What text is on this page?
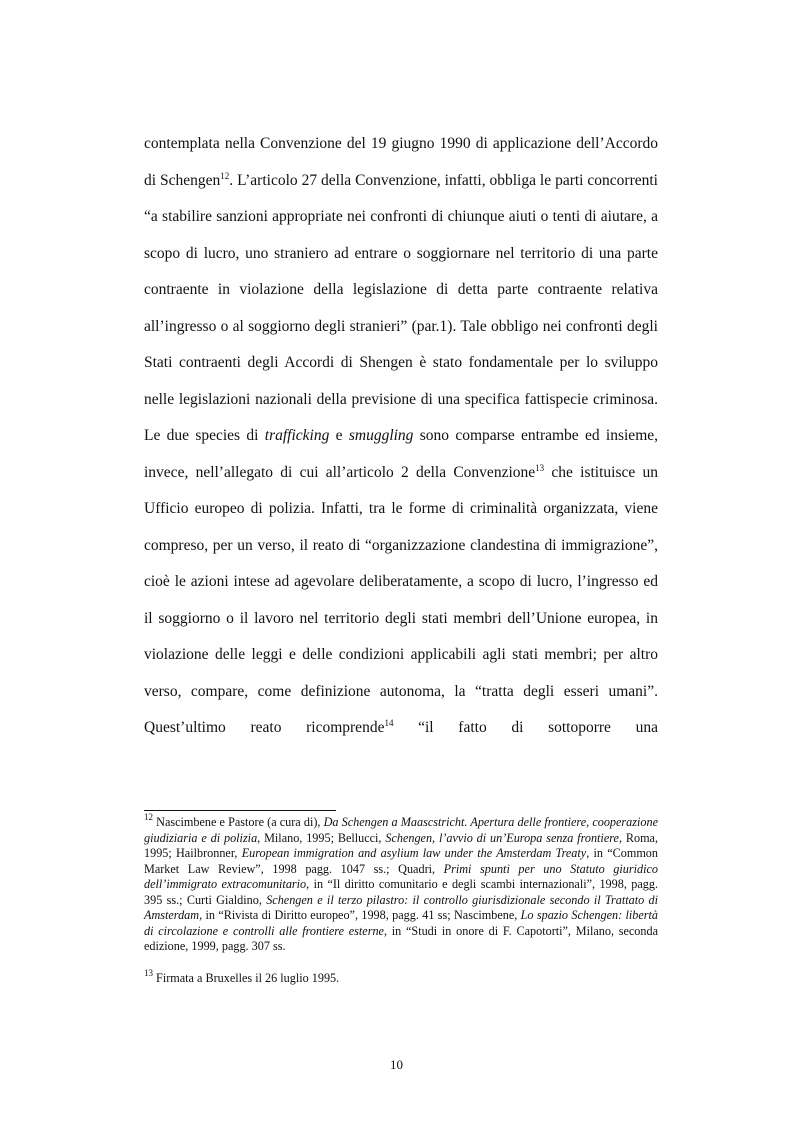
contemplata nella Convenzione del 19 giugno 1990 di applicazione dell’Accordo di Schengen$^{12}$. L’articolo 27 della Convenzione, infatti, obbliga le parti concorrenti “a stabilire sanzioni appropriate nei confronti di chiunque aiuti o tenti di aiutare, a scopo di lucro, uno straniero ad entrare o soggiornare nel territorio di una parte contraente in violazione della legislazione di detta parte contraente relativa all’ingresso o al soggiorno degli stranieri” (par.1). Tale obbligo nei confronti degli Stati contraenti degli Accordi di Shengen è stato fondamentale per lo sviluppo nelle legislazioni nazionali della previsione di una specifica fattispecie criminosa.

Le due species di trafficking e smuggling sono comparse entrambe ed insieme, invece, nell’allegato di cui all’articolo 2 della Convenzione$^{13}$ che istituisce un Ufficio europeo di polizia. Infatti, tra le forme di criminalità organizzata, viene compreso, per un verso, il reato di “organizzazione clandestina di immigrazione”, cioè le azioni intese ad agevolare deliberatamente, a scopo di lucro, l’ingresso ed il soggiorno o il lavoro nel territorio degli stati membri dell’Unione europea, in violazione delle leggi e delle condizioni applicabili agli stati membri; per altro verso, compare, come definizione autonoma, la “tratta degli esseri umani”. Quest’ultimo reato ricomprende$^{14}$ “il fatto di sottoporre una

$^{12}$ Nascimbene e Pastore (a cura di), Da Schengen a Maascstricht. Apertura delle frontiere, cooperazione giudiziaria e di polizia, Milano, 1995; Bellucci, Schengen, l’avvio di un’Europa senza frontiere, Roma, 1995; Hailbronner, European immigration and asylium law under the Amsterdam Treaty, in “Common Market Law Review”, 1998 pagg. 1047 ss.; Quadri, Primi spunti per uno Statuto giuridico dell’immigrato extracomunitario, in “Il diritto comunitario e degli scambi internazionali”, 1998, pagg. 395 ss.; Curti Gialdino, Schengen e il terzo pilastro: il controllo giurisdizionale secondo il Trattato di Amsterdam, in “Rivista di Diritto europeo”, 1998, pagg. 41 ss; Nascimbene, Lo spazio Schengen: libertà di circolazione e controlli alle frontiere esterne, in “Studi in onore di F. Capotorti”, Milano, seconda edizione, 1999, pagg. 307 ss.

$^{13}$ Firmata a Bruxelles il 26 luglio 1995.

10
